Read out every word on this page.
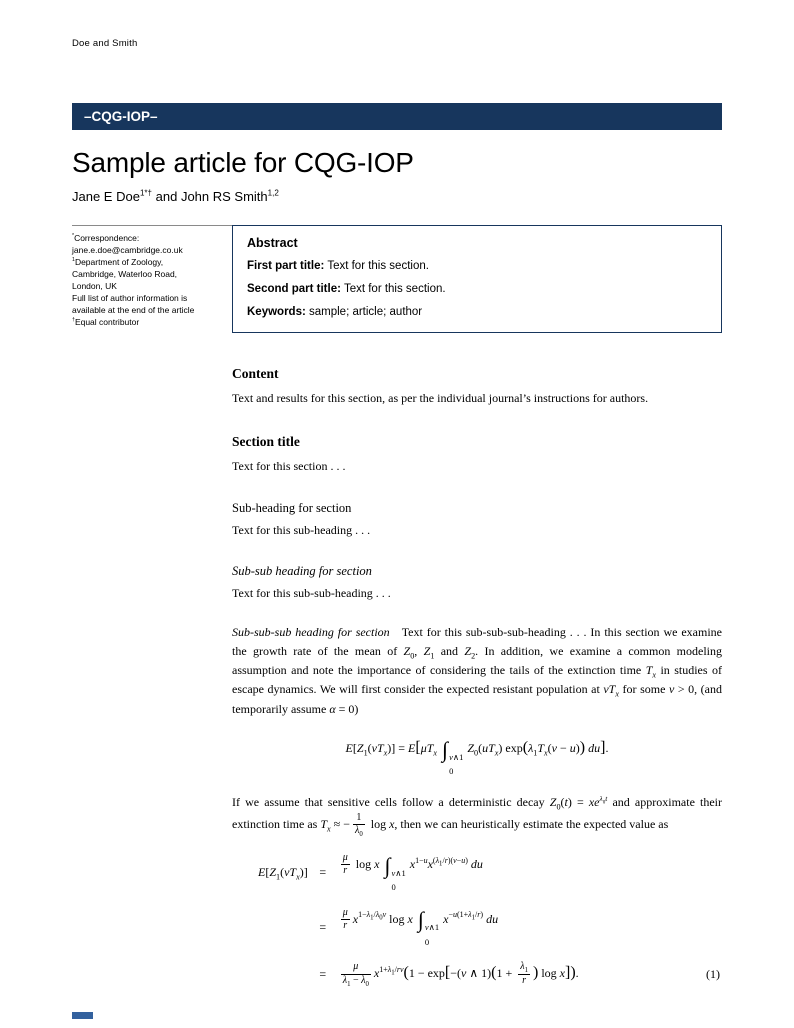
Doe and Smith
–CQG-IOP–
Sample article for CQG-IOP
Jane E Doe$^{1*\dagger}$ and John RS Smith$^{1,2}$
*Correspondence:
jane.e.doe@cambridge.co.uk
$^1$Department of Zoology,
Cambridge, Waterloo Road,
London, UK
Full list of author information is
available at the end of the article
†Equal contributor
Abstract

First part title: Text for this section.

Second part title: Text for this section.

Keywords: sample; article; author

Content

Text and results for this section, as per the individual journal’s instructions for authors.

Section title

Text for this section . . .

Sub-heading for section

Text for this sub-heading . . .

Sub-sub heading for section

Text for this sub-sub-heading . . .

Sub-sub-sub heading for section Text for this sub-sub-sub-heading . . . In this section we examine the growth rate of the mean of $Z_0$, $Z_1$ and $Z_2$. In addition, we examine a common modeling assumption and note the importance of considering the tails of the extinction time $T_x$ in studies of escape dynamics. We will first consider the expected resistant population at $vT_x$ for some v > 0, (and temporarily assume α = 0)

$E[Z_1(vT_x)] = E[\mu T_x$ ∫ v∧1
0
$Z_0(uT_x) \exp(\lambda_1T_x(v - u))$ du].

If we assume that sensitive cells follow a deterministic decay $Z_0(t) = xe^{\lambda_0t}$ and approximate their extinction time as $T_x$ ≈ − $\frac{1}{\lambda_0}$ log x, then we can heuristically estimate the expected value as

$E[Z_1(vT_x)]$ =	$\frac{\mu}{r}$ log x ∫ v∧1
0
$x^{1-u}x^{(\lambda_1/r)(v-u)}$ du
=	$\frac{\mu}{r} x^{1-\lambda_1/\lambda_0v}$ log x ∫ v∧1
0
$x^{-u(1+\lambda_1/r)}$ du
=	$\frac{\mu}{\lambda_1 - \lambda_0} x^{1+\lambda_1/rv}(1 - \exp[-(v$ ∧ $1)(1 + \frac{\lambda_1}{r}$ ) log x]).	(1)
